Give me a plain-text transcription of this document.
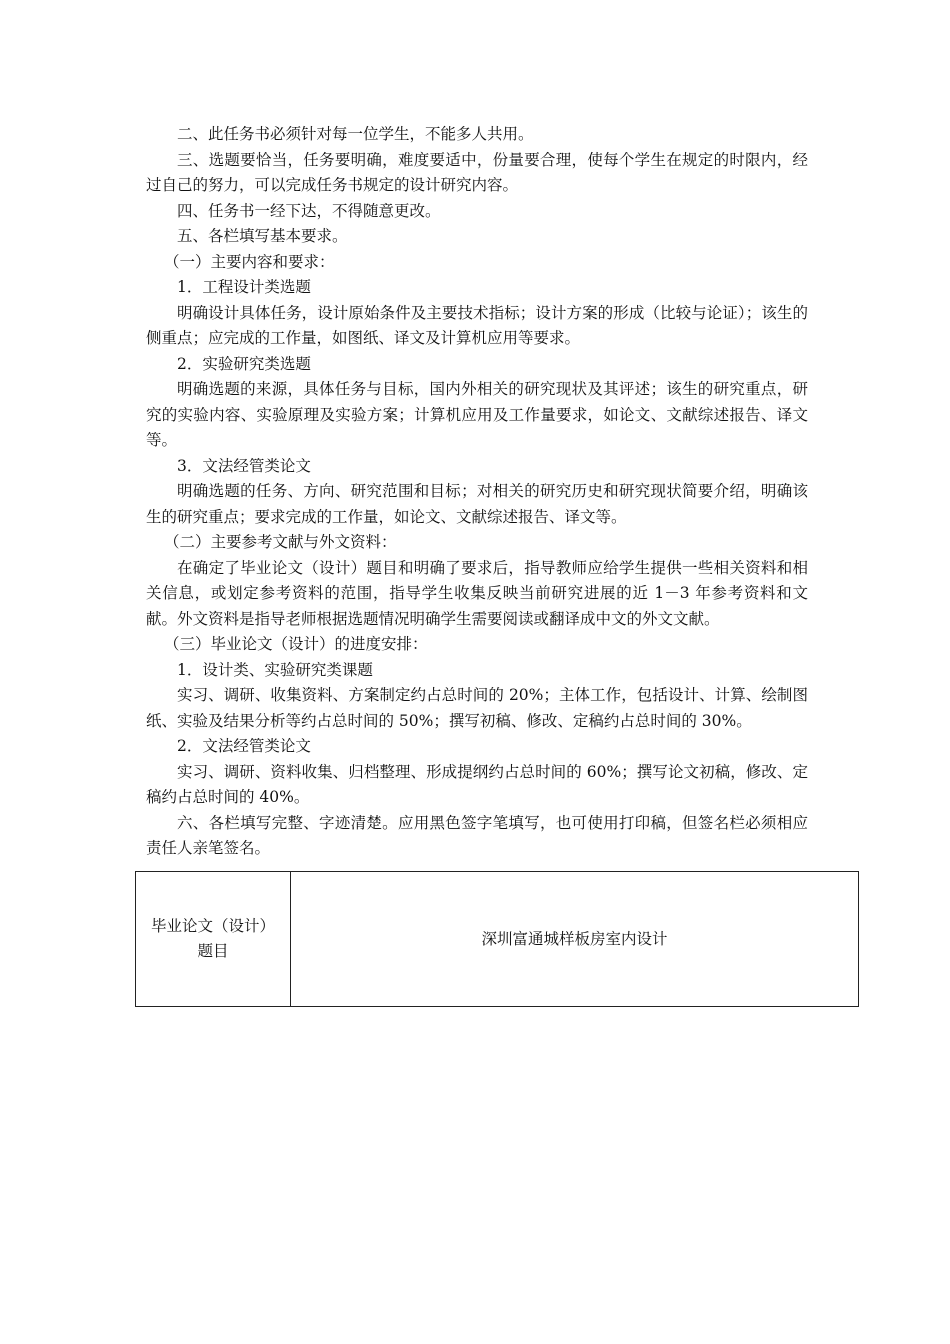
二、此任务书必须针对每一位学生，不能多人共用。

三、选题要恰当，任务要明确，难度要适中，份量要合理，使每个学生在规定的时限内，经过自己的努力，可以完成任务书规定的设计研究内容。

四、任务书一经下达，不得随意更改。

五、各栏填写基本要求。

（一）主要内容和要求：

1．工程设计类选题

明确设计具体任务，设计原始条件及主要技术指标；设计方案的形成（比较与论证）；该生的侧重点；应完成的工作量，如图纸、译文及计算机应用等要求。

2．实验研究类选题

明确选题的来源，具体任务与目标，国内外相关的研究现状及其评述；该生的研究重点，研究的实验内容、实验原理及实验方案；计算机应用及工作量要求，如论文、文献综述报告、译文等。

3．文法经管类论文

明确选题的任务、方向、研究范围和目标；对相关的研究历史和研究现状简要介绍，明确该生的研究重点；要求完成的工作量，如论文、文献综述报告、译文等。

（二）主要参考文献与外文资料：

在确定了毕业论文（设计）题目和明确了要求后，指导教师应给学生提供一些相关资料和相关信息，或划定参考资料的范围，指导学生收集反映当前研究进展的近 1－3 年参考资料和文献。外文资料是指导老师根据选题情况明确学生需要阅读或翻译成中文的外文文献。

（三）毕业论文（设计）的进度安排：

1．设计类、实验研究类课题

实习、调研、收集资料、方案制定约占总时间的 20%；主体工作，包括设计、计算、绘制图纸、实验及结果分析等约占总时间的 50%；撰写初稿、修改、定稿约占总时间的 30%。

2．文法经管类论文

实习、调研、资料收集、归档整理、形成提纲约占总时间的 60%；撰写论文初稿，修改、定稿约占总时间的 40%。

六、各栏填写完整、字迹清楚。应用黑色签字笔填写，也可使用打印稿，但签名栏必须相应责任人亲笔签名。

毕业论文（设计）
题目
	深圳富通城样板房室内设计
